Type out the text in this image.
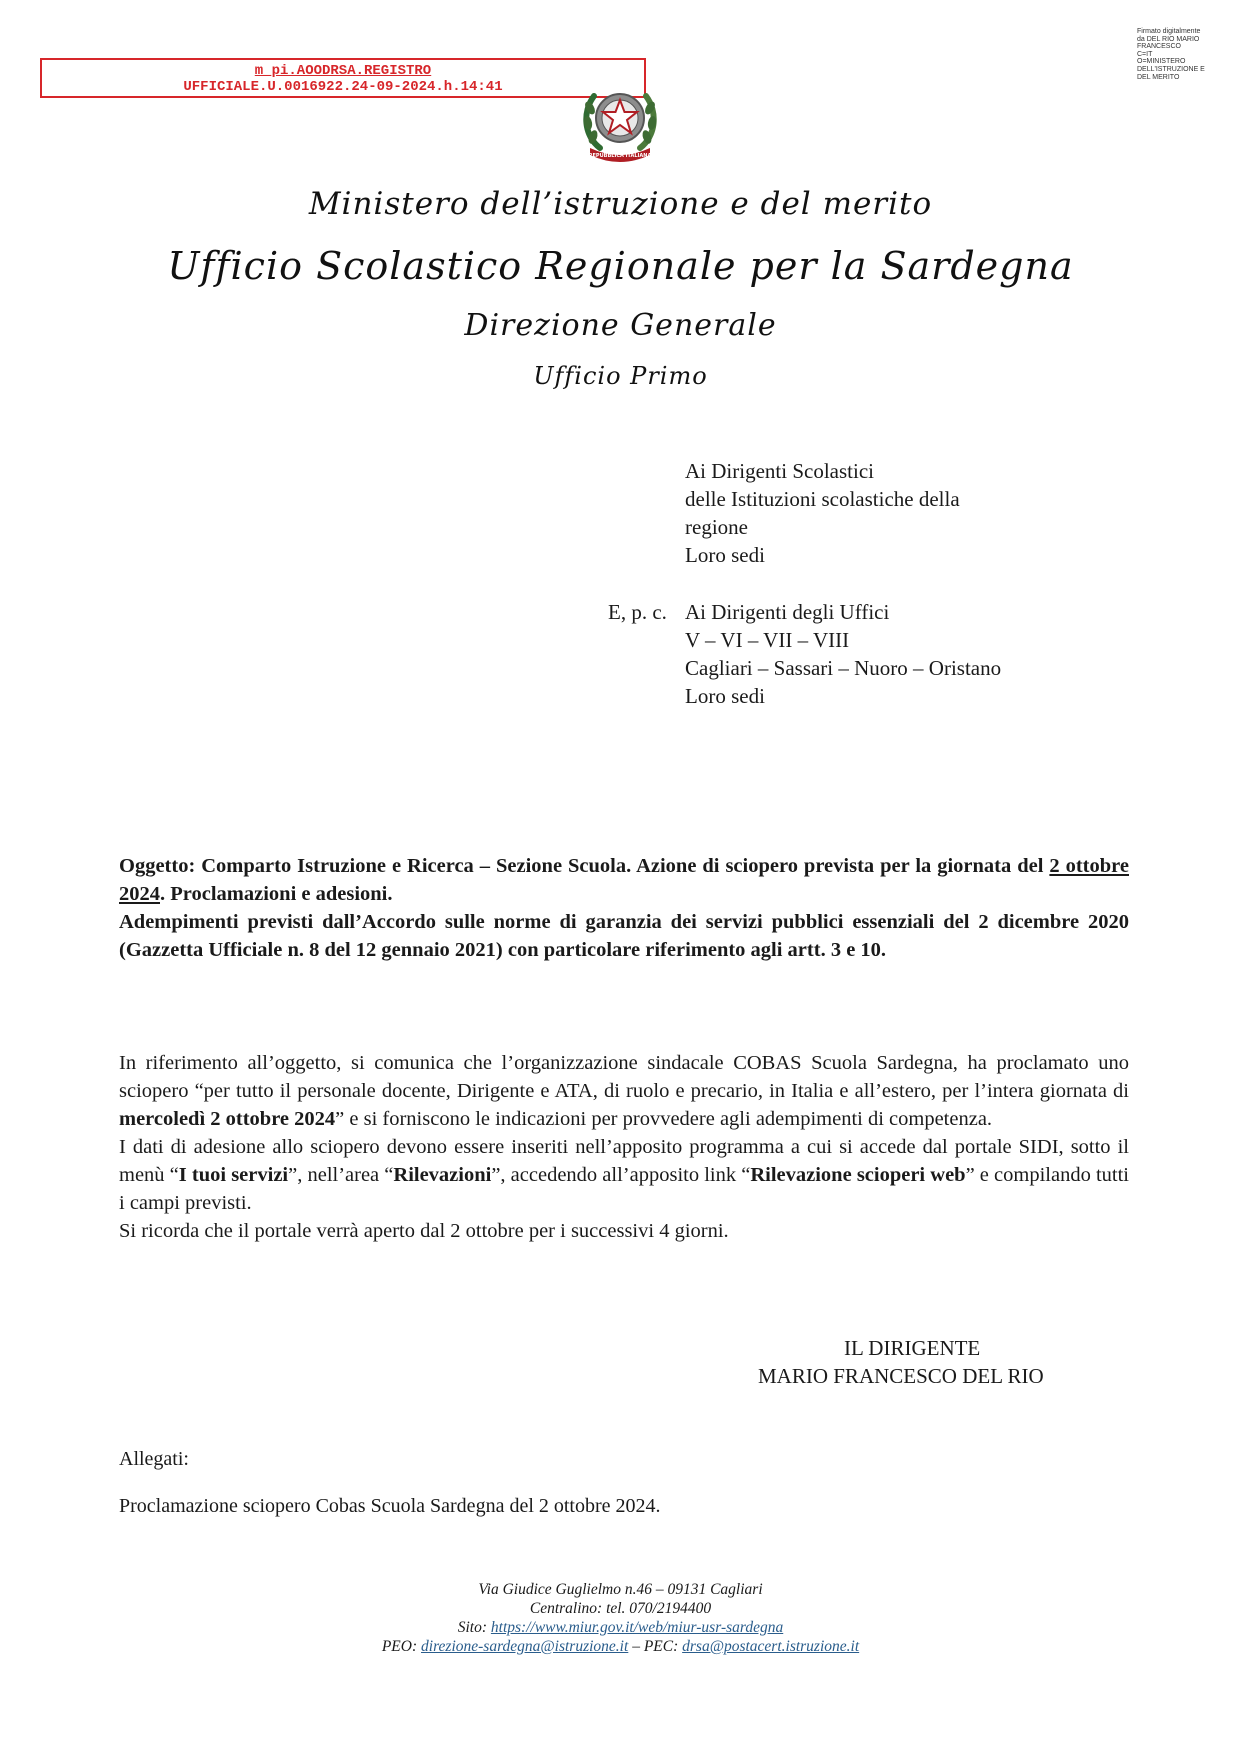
m_pi.AOODRSA.REGISTRO
UFFICIALE.U.0016922.24-09-2024.h.14:41
Firmato digitalmente
da DEL RIO MARIO
FRANCESCO
C=IT
O=MINISTERO
DELL'ISTRUZIONE E
DEL MERITO
REPUBBLICA ITALIANA
Ministero dell’istruzione e del merito
Ufficio Scolastico Regionale per la Sardegna
Direzione Generale
Ufficio Primo
Ai Dirigenti Scolastici
delle Istituzioni scolastiche della
regione
Loro sedi
E, p. c. Ai Dirigenti degli Uffici
V – VI – VII – VIII
Cagliari – Sassari – Nuoro – Oristano
Loro sedi

Oggetto: Comparto Istruzione e Ricerca – Sezione Scuola. Azione di sciopero prevista per la giornata del 2 ottobre 2024. Proclamazioni e adesioni.

Adempimenti previsti dall’Accordo sulle norme di garanzia dei servizi pubblici essenziali del 2 dicembre 2020 (Gazzetta Ufficiale n. 8 del 12 gennaio 2021) con particolare riferimento agli artt. 3 e 10.

In riferimento all’oggetto, si comunica che l’organizzazione sindacale COBAS Scuola Sardegna, ha proclamato uno sciopero “per tutto il personale docente, Dirigente e ATA, di ruolo e precario, in Italia e all’estero, per l’intera giornata di mercoledì 2 ottobre 2024” e si forniscono le indicazioni per provvedere agli adempimenti di competenza.

I dati di adesione allo sciopero devono essere inseriti nell’apposito programma a cui si accede dal portale SIDI, sotto il menù “I tuoi servizi”, nell’area “Rilevazioni”, accedendo all’apposito link “Rilevazione scioperi web” e compilando tutti i campi previsti.

Si ricorda che il portale verrà aperto dal 2 ottobre per i successivi 4 giorni.

IL DIRIGENTE
MARIO FRANCESCO DEL RIO
Allegati:
Proclamazione sciopero Cobas Scuola Sardegna del 2 ottobre 2024.
Via Giudice Guglielmo n.46 – 09131 Cagliari
Centralino: tel. 070/2194400
Sito: https://www.miur.gov.it/web/miur-usr-sardegna
PEO: direzione-sardegna@istruzione.it – PEC: drsa@postacert.istruzione.it
